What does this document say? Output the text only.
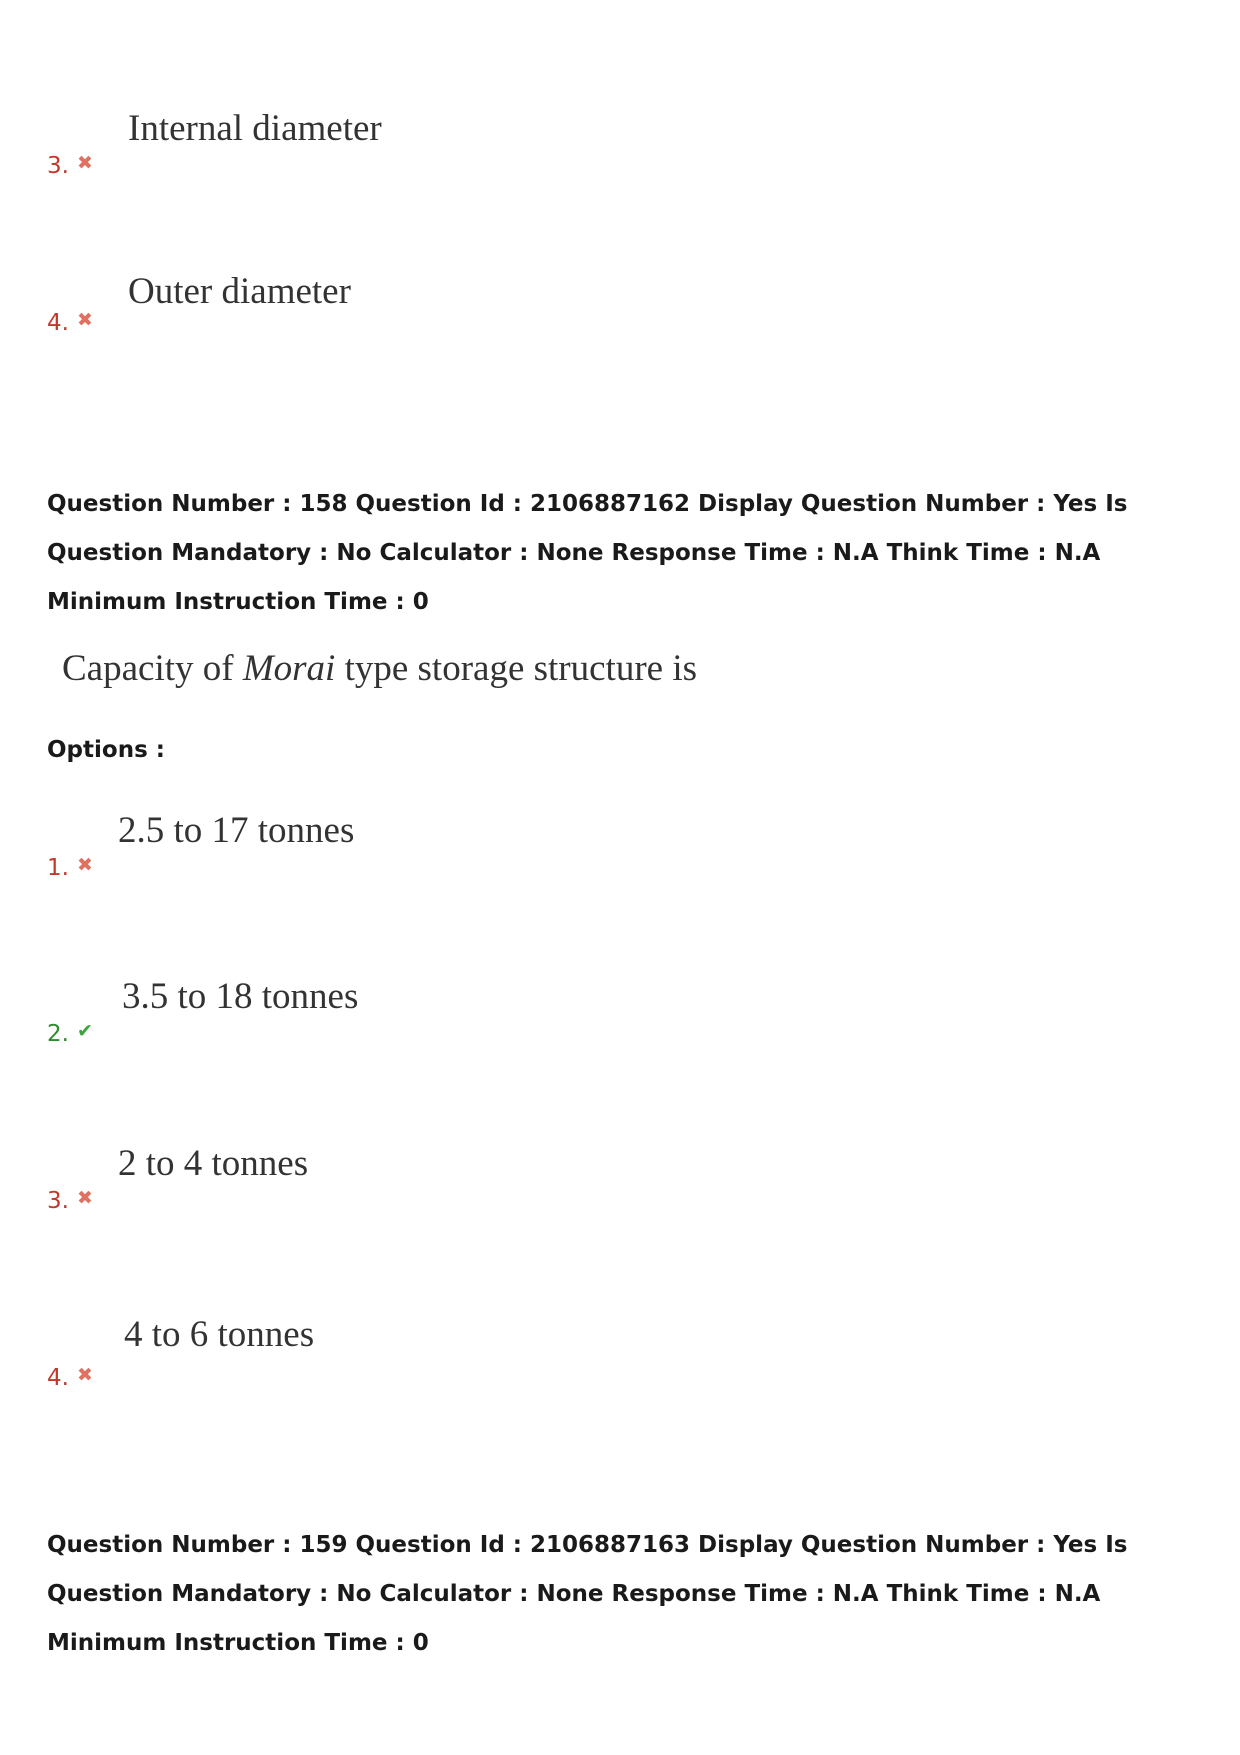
Internal diameter
3. ✖
Outer diameter
4. ✖

Question Number : 158 Question Id : 2106887162 Display Question Number : Yes Is Question Mandatory : No Calculator : None Response Time : N.A Think Time : N.A Minimum Instruction Time : 0

Capacity of Morai type storage structure is
Options :
2.5 to 17 tonnes
1. ✖
3.5 to 18 tonnes
2. ✔
2 to 4 tonnes
3. ✖
4 to 6 tonnes
4. ✖

Question Number : 159 Question Id : 2106887163 Display Question Number : Yes Is Question Mandatory : No Calculator : None Response Time : N.A Think Time : N.A Minimum Instruction Time : 0
